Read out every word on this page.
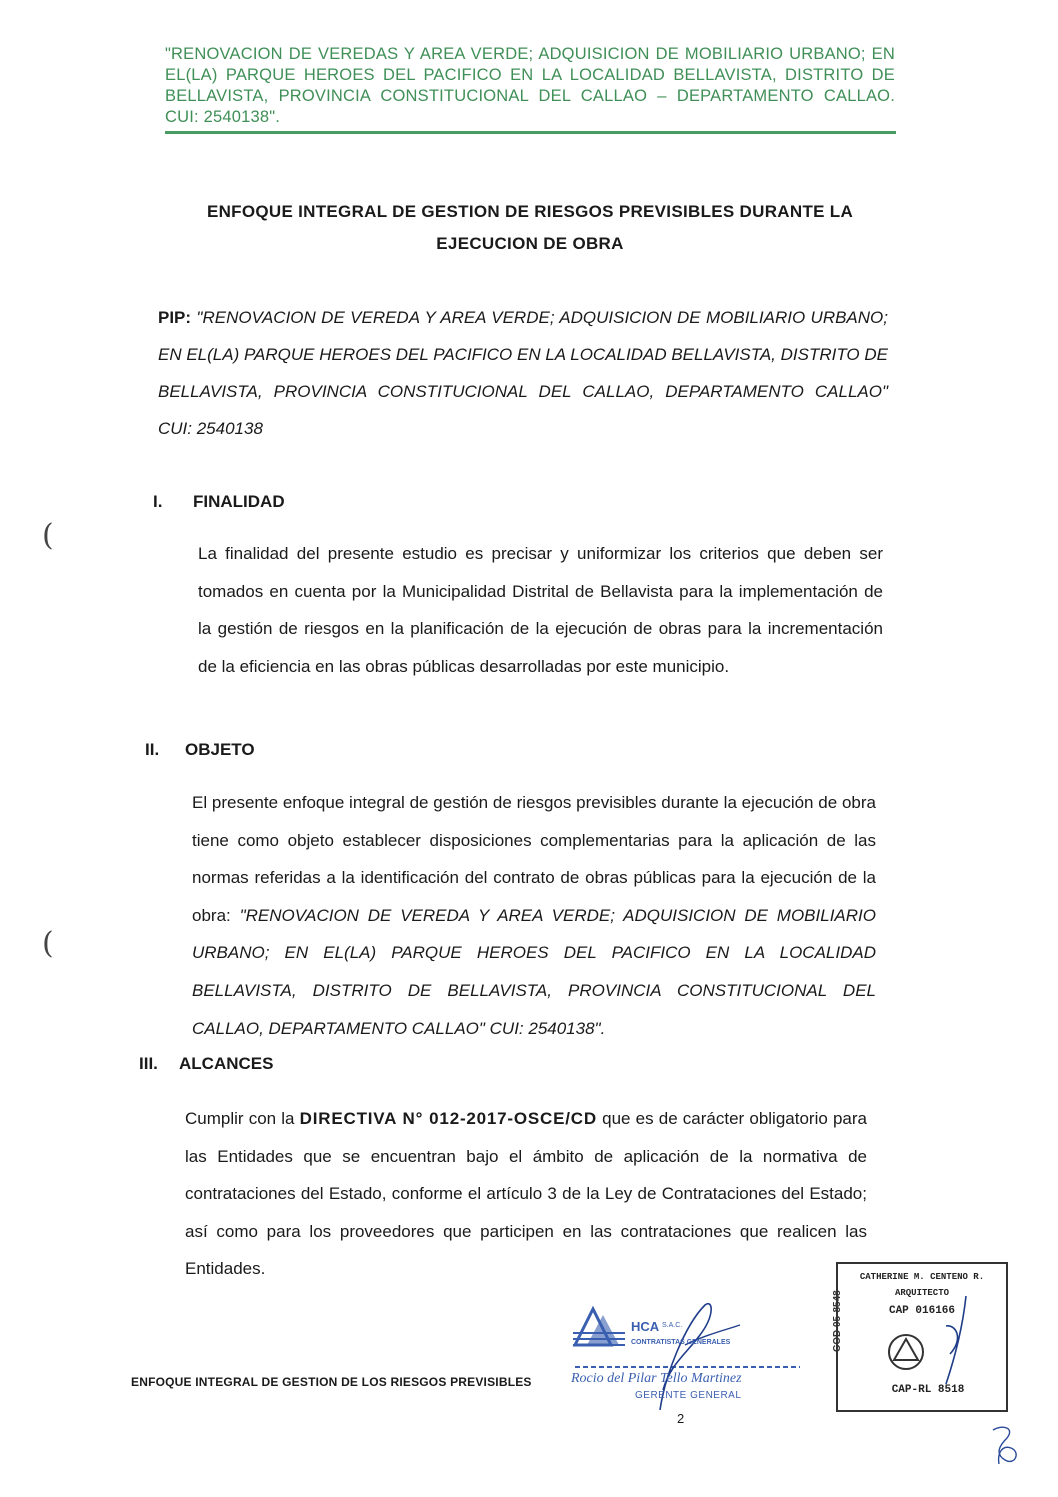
"RENOVACION DE VEREDAS Y AREA VERDE; ADQUISICION DE MOBILIARIO URBANO; EN EL(LA) PARQUE HEROES DEL PACIFICO EN LA LOCALIDAD BELLAVISTA, DISTRITO DE BELLAVISTA, PROVINCIA CONSTITUCIONAL DEL CALLAO – DEPARTAMENTO CALLAO. CUI: 2540138".
ENFOQUE INTEGRAL DE GESTION DE RIESGOS PREVISIBLES DURANTE LA
EJECUCION DE OBRA
PIP: "RENOVACION DE VEREDA Y AREA VERDE; ADQUISICION DE MOBILIARIO URBANO; EN EL(LA) PARQUE HEROES DEL PACIFICO EN LA LOCALIDAD BELLAVISTA, DISTRITO DE BELLAVISTA, PROVINCIA CONSTITUCIONAL DEL CALLAO, DEPARTAMENTO CALLAO" CUI: 2540138
I. FINALIDAD
La finalidad del presente estudio es precisar y uniformizar los criterios que deben ser tomados en cuenta por la Municipalidad Distrital de Bellavista para la implementación de la gestión de riesgos en la planificación de la ejecución de obras para la incrementación de la eficiencia en las obras públicas desarrolladas por este municipio.
II. OBJETO
El presente enfoque integral de gestión de riesgos previsibles durante la ejecución de obra tiene como objeto establecer disposiciones complementarias para la aplicación de las normas referidas a la identificación del contrato de obras públicas para la ejecución de la obra: "RENOVACION DE VEREDA Y AREA VERDE; ADQUISICION DE MOBILIARIO URBANO; EN EL(LA) PARQUE HEROES DEL PACIFICO EN LA LOCALIDAD BELLAVISTA, DISTRITO DE BELLAVISTA, PROVINCIA CONSTITUCIONAL DEL CALLAO, DEPARTAMENTO CALLAO" CUI: 2540138".
III. ALCANCES
Cumplir con la DIRECTIVA N° 012-2017-OSCE/CD que es de carácter obligatorio para las Entidades que se encuentran bajo el ámbito de aplicación de la normativa de contrataciones del Estado, conforme el artículo 3 de la Ley de Contrataciones del Estado; así como para los proveedores que participen en las contrataciones que realicen las Entidades.
(
(
HCA S.A.C.
CONTRATISTAS GENERALES
Rocio del Pilar Tello Martinez
GERENTE GENERAL
CATHERINE M. CENTENO R.
ARQUITECTO
CAP 016166
CAP-RL 8518
COD 05-8548
ENFOQUE INTEGRAL DE GESTION DE LOS RIESGOS PREVISIBLES
2
